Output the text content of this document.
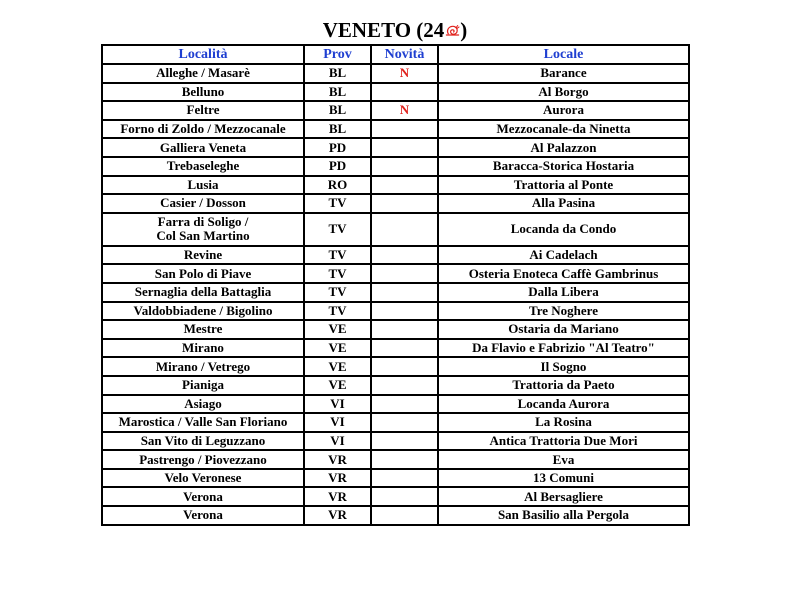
VENETO (24 )
Località	Prov	Novità	Locale

Alleghe / Masarè	BL	N	Barance

Belluno	BL		Al Borgo

Feltre	BL	N	Aurora

Forno di Zoldo / Mezzocanale	BL		Mezzocanale-da Ninetta

Galliera Veneta	PD		Al Palazzon

Trebaseleghe	PD		Baracca-Storica Hostaria

Lusia	RO		Trattoria al Ponte

Casier / Dosson	TV		Alla Pasina

Farra di Soligo /
Col San Martino	TV		Locanda da Condo

Revine	TV		Ai Cadelach

San Polo di Piave	TV		Osteria Enoteca Caffè Gambrinus

Sernaglia della Battaglia	TV		Dalla Libera

Valdobbiadene / Bigolino	TV		Tre Noghere

Mestre	VE		Ostaria da Mariano

Mirano	VE		Da Flavio e Fabrizio "Al Teatro"

Mirano / Vetrego	VE		Il Sogno

Pianiga	VE		Trattoria da Paeto

Asiago	VI		Locanda Aurora

Marostica / Valle San Floriano	VI		La Rosina

San Vito di Leguzzano	VI		Antica Trattoria Due Mori

Pastrengo / Piovezzano	VR		Eva

Velo Veronese	VR		13 Comuni

Verona	VR		Al Bersagliere

Verona	VR		San Basilio alla Pergola
